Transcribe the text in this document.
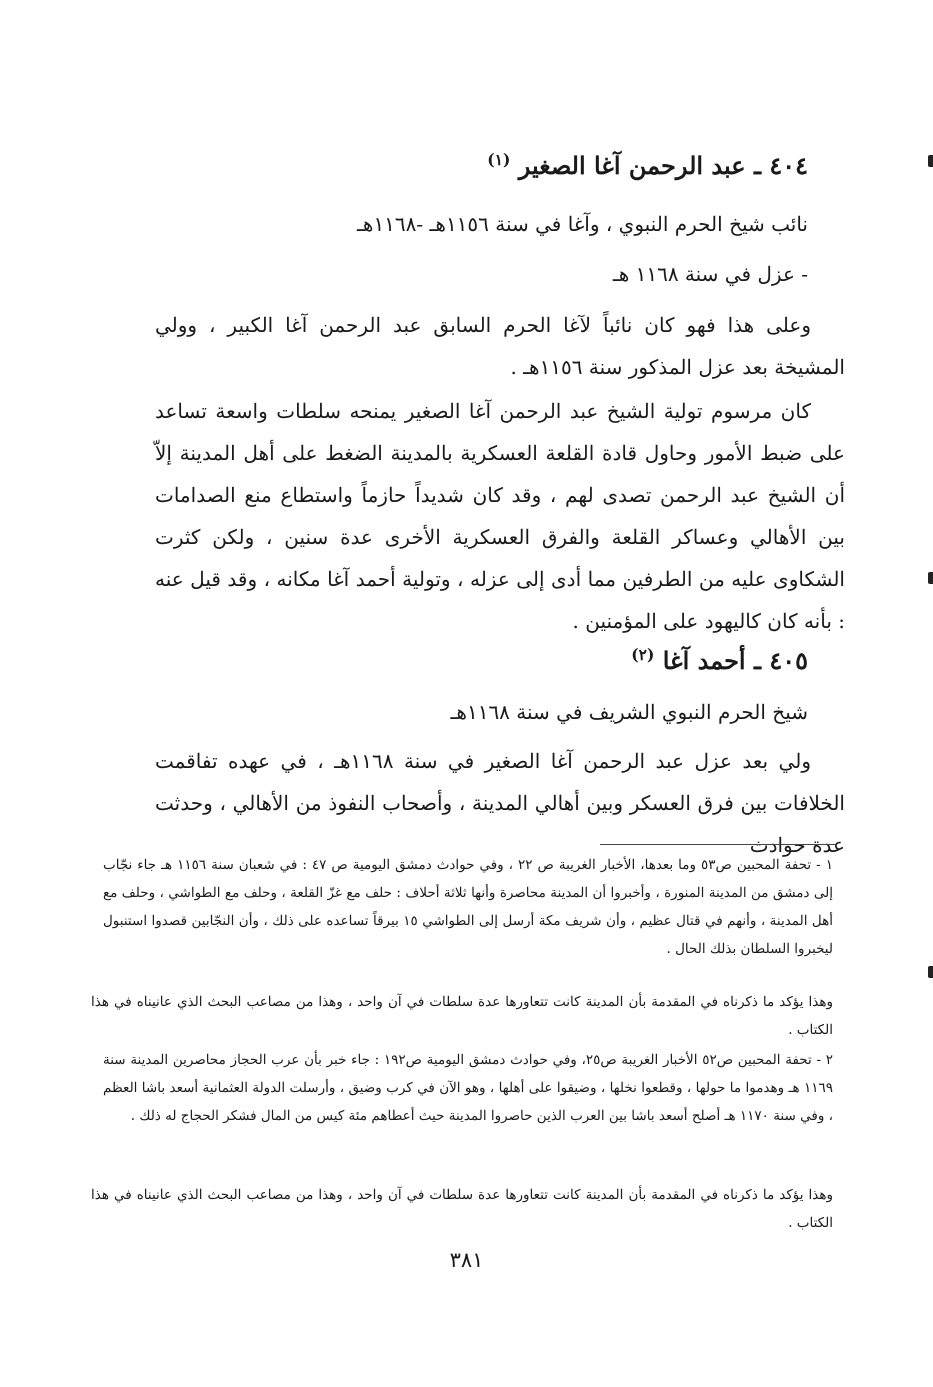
٤٠٤ ـ عبد الرحمن آغا الصغير $^{(١)}$
نائب شيخ الحرم النبوي ، وآغا في سنة ١١٥٦هـ -١١٦٨هـ
- عزل في سنة ١١٦٨ هـ
وعلى هذا فهو كان نائباً لآغا الحرم السابق عبد الرحمن آغا الكبير ، وولي المشيخة بعد عزل المذكور سنة ١١٥٦هـ .
كان مرسوم تولية الشيخ عبد الرحمن آغا الصغير يمنحه سلطات واسعة تساعد على ضبط الأمور وحاول قادة القلعة العسكرية بالمدينة الضغط على أهل المدينة إلاّ أن الشيخ عبد الرحمن تصدى لهم ، وقد كان شديداً حازماً واستطاع منع الصدامات بين الأهالي وعساكر القلعة والفرق العسكرية الأخرى عدة سنين ، ولكن كثرت الشكاوى عليه من الطرفين مما أدى إلى عزله ، وتولية أحمد آغا مكانه ، وقد قيل عنه : بأنه كان كاليهود على المؤمنين .
٤٠٥ ـ أحمد آغا $^{(٢)}$
شيخ الحرم النبوي الشريف في سنة ١١٦٨هـ
ولي بعد عزل عبد الرحمن آغا الصغير في سنة ١١٦٨هـ ، في عهده تفاقمت الخلافات بين فرق العسكر وبين أهالي المدينة ، وأصحاب النفوذ من الأهالي ، وحدثت عدة حوادث
١ - تحفة المحبين ص٥٣ وما بعدها، الأخبار الغريبة ص ٢٢ ، وفي حوادث دمشق اليومية ص ٤٧ : في شعبان سنة ١١٥٦ هـ جاء نجّاب إلى دمشق من المدينة المنورة ، وأخبروا أن المدينة محاصرة وأنها ثلاثة أحلاف : حلف مع غزّ القلعة ، وحلف مع الطواشي ، وحلف مع أهل المدينة ، وأنهم في قتال عظيم ، وأن شريف مكة أرسل إلى الطواشي ١٥ بيرقاً تساعده على ذلك ، وأن النجّابين قصدوا استنبول ليخبروا السلطان بذلك الحال .
وهذا يؤكد ما ذكرناه في المقدمة بأن المدينة كانت تتعاورها عدة سلطات في آن واحد ، وهذا من مصاعب البحث الذي عانيناه في هذا الكتاب .
٢ - تحفة المحبين ص٥٢ الأخبار الغريبة ص٢٥، وفي حوادث دمشق اليومية ص١٩٢ : جاء خبر بأن عرب الحجاز محاصرين المدينة سنة ١١٦٩ هـ وهدموا ما حولها ، وقطعوا نخلها ، وضيقوا على أهلها ، وهو الآن في كرب وضيق ، وأرسلت الدولة العثمانية أسعد باشا العظم ، وفي سنة ١١٧٠ هـ أصلح أسعد باشا بين العرب الذين حاصروا المدينة حيث أعطاهم مئة كيس من المال فشكر الحجاج له ذلك .
وهذا يؤكد ما ذكرناه في المقدمة بأن المدينة كانت تتعاورها عدة سلطات في آن واحد ، وهذا من مصاعب البحث الذي عانيناه في هذا الكتاب .
٣٨١
